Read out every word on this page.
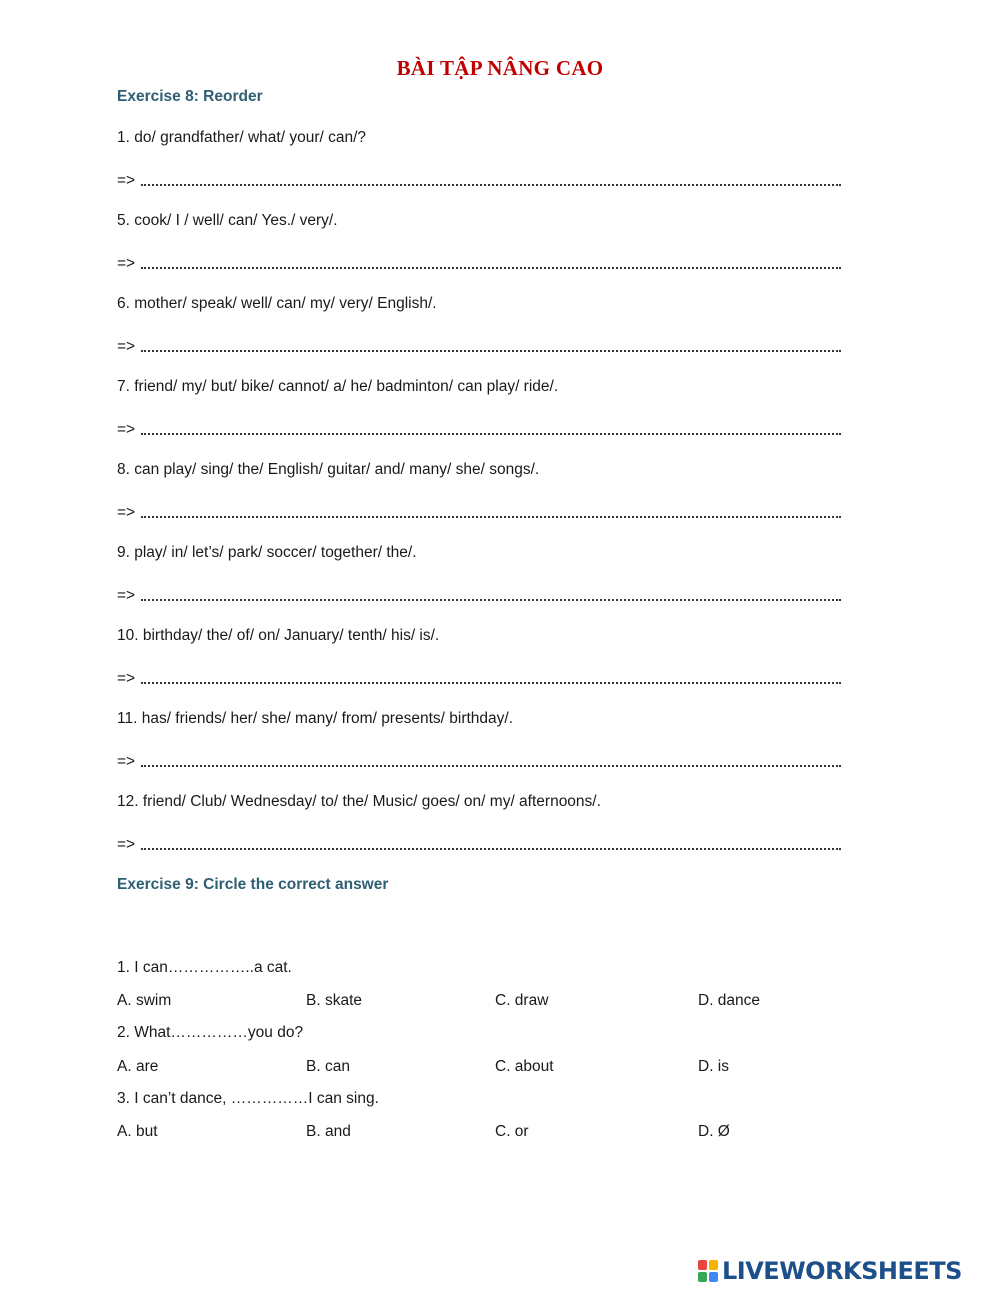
BÀI TẬP NÂNG CAO
Exercise 8: Reorder
1. do/ grandfather/ what/ your/ can/?
=>
5. cook/ I / well/ can/ Yes./ very/.
=>
6. mother/ speak/ well/ can/ my/ very/ English/.
=>
7. friend/ my/ but/ bike/ cannot/ a/ he/ badminton/ can play/ ride/.
=>
8. can play/ sing/ the/ English/ guitar/ and/ many/ she/ songs/.
=>
9. play/ in/ let’s/ park/ soccer/ together/ the/.
=>
10. birthday/ the/ of/ on/ January/ tenth/ his/ is/.
=>
11. has/ friends/ her/ she/ many/ from/ presents/ birthday/.
=>
12. friend/ Club/ Wednesday/ to/ the/ Music/ goes/ on/ my/ afternoons/.
=>
Exercise 9: Circle the correct answer
1. I can……………..a cat.
A. swim	B. skate	C. draw	D. dance
2. What……………you do?
A. are	B. can	C. about	D. is
3. I can’t dance, ……………I can sing.
A. but	B. and	C. or	D. Ø
LIVEWORKSHEETS
